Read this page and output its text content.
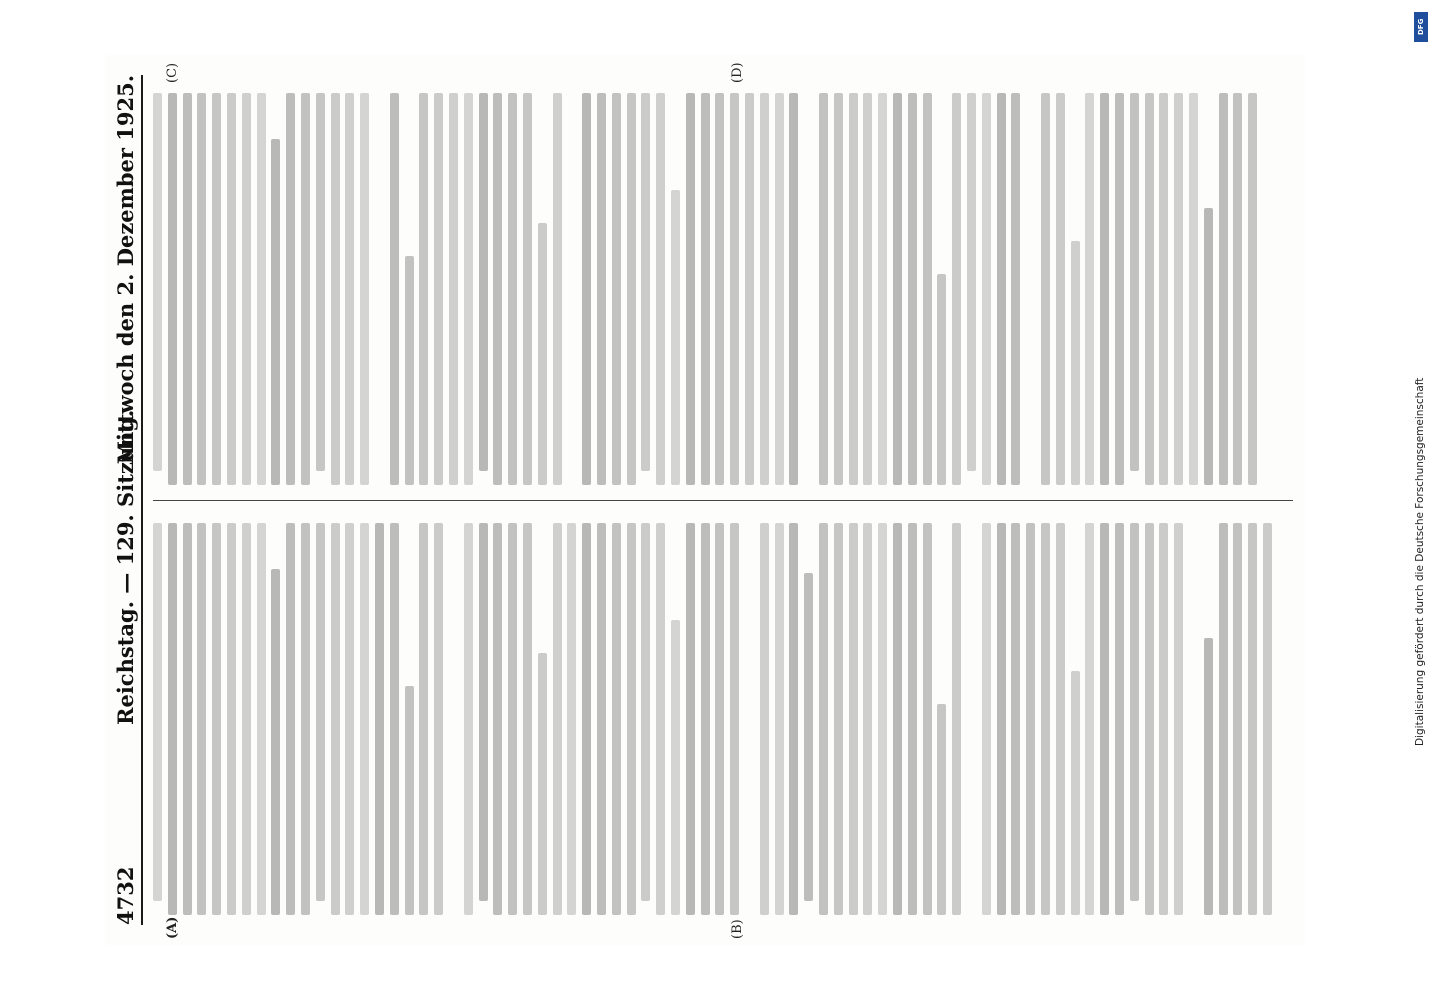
4732
Reichstag. — 129. Sitzung.
Mittwoch den 2. Dezember 1925.
(A)	(B)
(C)	(D)
DFG
Digitalisierung gefördert durch die Deutsche Forschungsgemeinschaft
